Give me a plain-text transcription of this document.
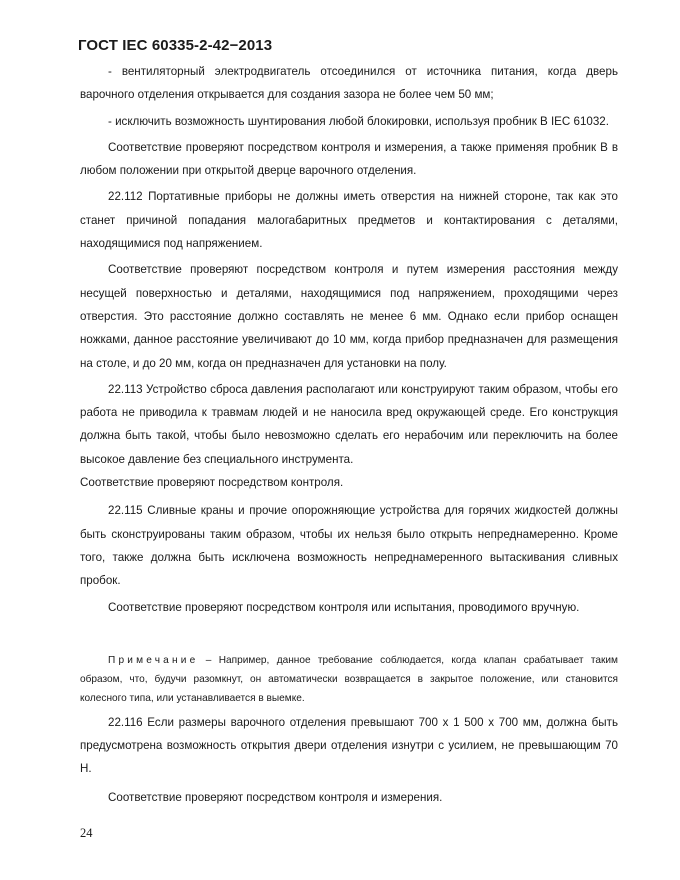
ГОСТ IEC 60335-2-42−2013

- вентиляторный электродвигатель отсоединился от источника питания, когда дверь варочного отделения открывается для создания зазора не более чем 50 мм;

- исключить возможность шунтирования любой блокировки, используя пробник B IEC 61032.

Соответствие проверяют посредством контроля и измерения, а также применяя пробник В в любом положении при открытой дверце варочного отделения.

22.112 Портативные приборы не должны иметь отверстия на нижней стороне, так как это станет причиной попадания малогабаритных предметов и контактирования с деталями, находящимися под напряжением.

Соответствие проверяют посредством контроля и путем измерения расстояния между несущей поверхностью и деталями, находящимися под напряжением, проходящими через отверстия. Это расстояние должно составлять не менее 6 мм. Однако если прибор оснащен ножками, данное расстояние увеличивают до 10 мм, когда прибор предназначен для размещения на столе, и до 20 мм, когда он предназначен для установки на полу.

22.113 Устройство сброса давления располагают или конструируют таким образом, чтобы его работа не приводила к травмам людей и не наносила вред окружающей среде. Его конструкция должна быть такой, чтобы было невозможно сделать его нерабочим или переключить на более высокое давление без специального инструмента.

Соответствие проверяют посредством контроля.

22.115 Сливные краны и прочие опорожняющие устройства для горячих жидкостей должны быть сконструированы таким образом, чтобы их нельзя было открыть непреднамеренно. Кроме того, также должна быть исключена возможность непреднамеренного вытаскивания сливных пробок.

Соответствие проверяют посредством контроля или испытания, проводимого вручную.

Примечание – Например, данное требование соблюдается, когда клапан срабатывает таким образом, что, будучи разомкнут, он автоматически возвращается в закрытое положение, или становится колесного типа, или устанавливается в выемке.

22.116 Если размеры варочного отделения превышают 700 x 1 500 x 700 мм, должна быть предусмотрена возможность открытия двери отделения изнутри с усилием, не превышающим 70 Н.

Соответствие проверяют посредством контроля и измерения.

24
